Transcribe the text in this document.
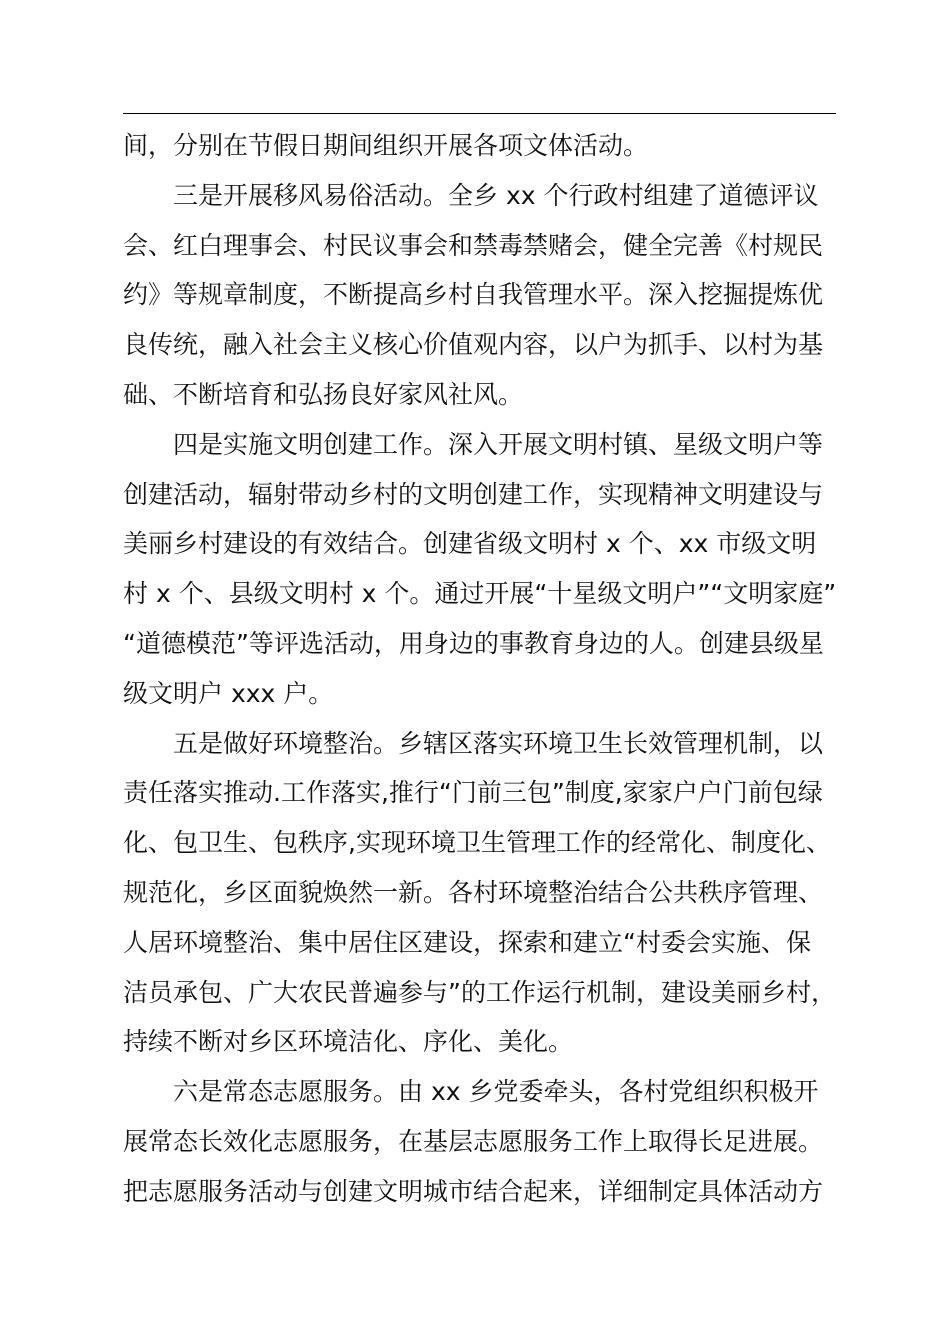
间，分别在节假日期间组织开展各项文体活动。
三是开展移风易俗活动。全乡 xx 个行政村组建了道德评议
会、红白理事会、村民议事会和禁毒禁赌会，健全完善《村规民
约》等规章制度，不断提高乡村自我管理水平。深入挖掘提炼优
良传统，融入社会主义核心价值观内容，以户为抓手、以村为基
础、不断培育和弘扬良好家风社风。
四是实施文明创建工作。深入开展文明村镇、星级文明户等
创建活动，辐射带动乡村的文明创建工作，实现精神文明建设与
美丽乡村建设的有效结合。创建省级文明村 x 个、xx 市级文明
村 x 个、县级文明村 x 个。通过开展“十星级文明户”“文明家庭”
“道德模范”等评选活动，用身边的事教育身边的人。创建县级星
级文明户 xxx 户。
五是做好环境整治。乡辖区落实环境卫生长效管理机制，以
责任落实推动.工作落实,推行“门前三包”制度,家家户户门前包绿
化、包卫生、包秩序,实现环境卫生管理工作的经常化、制度化、
规范化，乡区面貌焕然一新。各村环境整治结合公共秩序管理、
人居环境整治、集中居住区建设，探索和建立“村委会实施、保
洁员承包、广大农民普遍参与”的工作运行机制，建设美丽乡村，
持续不断对乡区环境洁化、序化、美化。
六是常态志愿服务。由 xx 乡党委牵头，各村党组织积极开
展常态长效化志愿服务，在基层志愿服务工作上取得长足进展。
把志愿服务活动与创建文明城市结合起来，详细制定具体活动方
